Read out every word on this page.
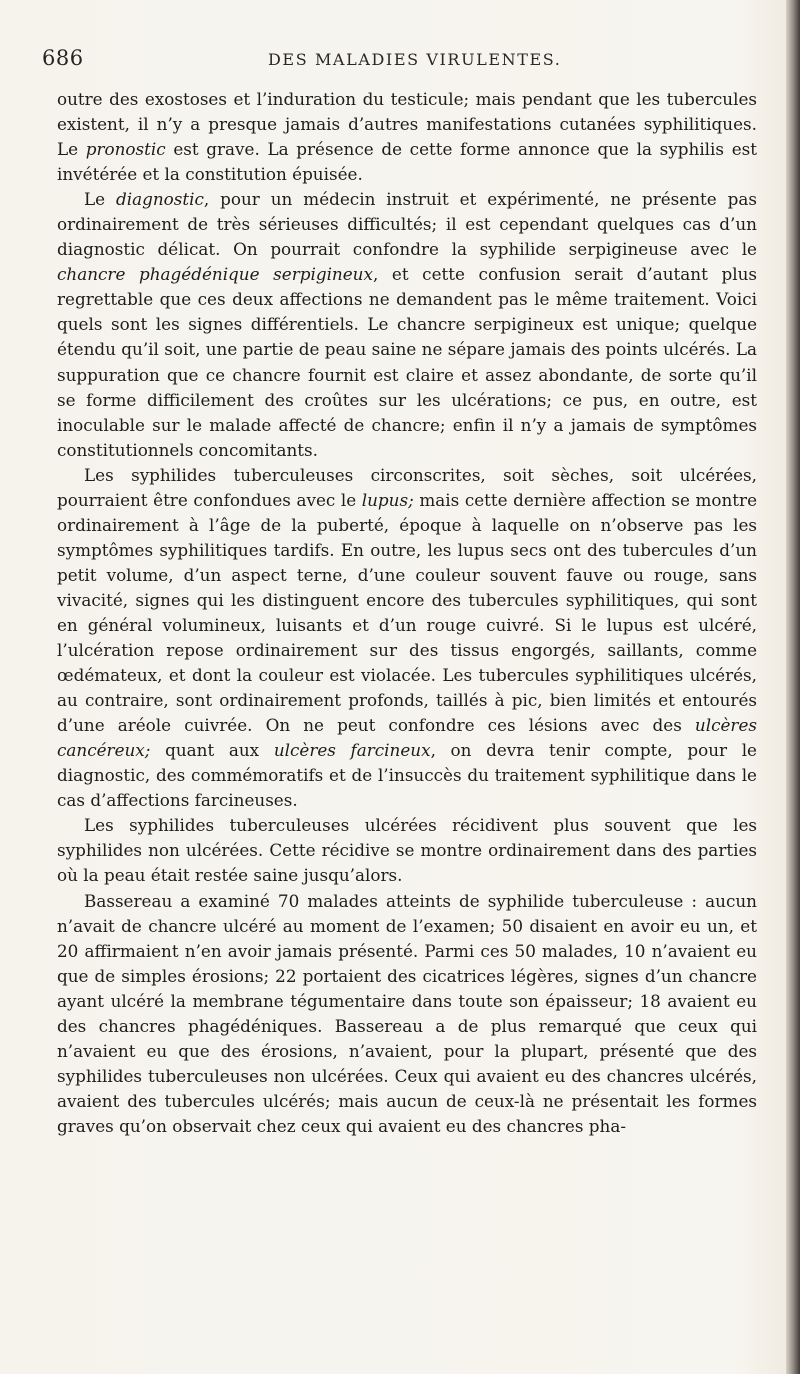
686	DES MALADIES VIRULENTES.

outre des exostoses et l’induration du testicule; mais pendant que les tubercules existent, il n’y a presque jamais d’autres manifestations cutanées syphilitiques. Le pronostic est grave. La présence de cette forme annonce que la syphilis est invétérée et la constitution épuisée.

Le diagnostic, pour un médecin instruit et expérimenté, ne présente pas ordinairement de très sérieuses difficultés; il est cependant quelques cas d’un diagnostic délicat. On pourrait confondre la syphilide serpigineuse avec le chancre phagédénique serpigineux, et cette confusion serait d’autant plus regrettable que ces deux affections ne demandent pas le même traitement. Voici quels sont les signes différentiels. Le chancre serpigineux est unique; quelque étendu qu’il soit, une partie de peau saine ne sépare jamais des points ulcérés. La suppuration que ce chancre fournit est claire et assez abondante, de sorte qu’il se forme difficilement des croûtes sur les ulcérations; ce pus, en outre, est inoculable sur le malade affecté de chancre; enfin il n’y a jamais de symptômes constitutionnels concomitants.

Les syphilides tuberculeuses circonscrites, soit sèches, soit ulcérées, pourraient être confondues avec le lupus; mais cette dernière affection se montre ordinairement à l’âge de la puberté, époque à laquelle on n’observe pas les symptômes syphilitiques tardifs. En outre, les lupus secs ont des tubercules d’un petit volume, d’un aspect terne, d’une couleur souvent fauve ou rouge, sans vivacité, signes qui les distinguent encore des tubercules syphilitiques, qui sont en général volumineux, luisants et d’un rouge cuivré. Si le lupus est ulcéré, l’ulcération repose ordinairement sur des tissus engorgés, saillants, comme œdémateux, et dont la couleur est violacée. Les tubercules syphilitiques ulcérés, au contraire, sont ordinairement profonds, taillés à pic, bien limités et entourés d’une aréole cuivrée. On ne peut confondre ces lésions avec des ulcères cancéreux; quant aux ulcères farcineux, on devra tenir compte, pour le diagnostic, des commémoratifs et de l’insuccès du traitement syphilitique dans le cas d’affections farcineuses.

Les syphilides tuberculeuses ulcérées récidivent plus souvent que les syphilides non ulcérées. Cette récidive se montre ordinairement dans des parties où la peau était restée saine jusqu’alors.

Bassereau a examiné 70 malades atteints de syphilide tuberculeuse : aucun n’avait de chancre ulcéré au moment de l’examen; 50 disaient en avoir eu un, et 20 affirmaient n’en avoir jamais présenté. Parmi ces 50 malades, 10 n’avaient eu que de simples érosions; 22 portaient des cicatrices légères, signes d’un chancre ayant ulcéré la membrane tégumentaire dans toute son épaisseur; 18 avaient eu des chancres phagédéniques. Bassereau a de plus remarqué que ceux qui n’avaient eu que des érosions, n’avaient, pour la plupart, présenté que des syphilides tuberculeuses non ulcérées. Ceux qui avaient eu des chancres ulcérés, avaient des tubercules ulcérés; mais aucun de ceux-là ne présentait les formes graves qu’on observait chez ceux qui avaient eu des chancres pha-
